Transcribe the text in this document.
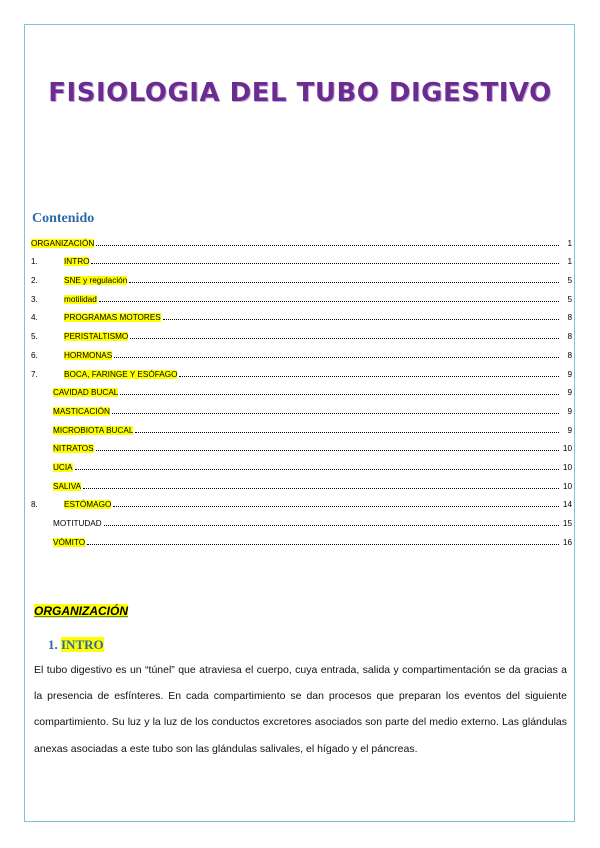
FISIOLOGIA DEL TUBO DIGESTIVO
Contenido
ORGANIZACIÓN	1
1.	INTRO	1
2.	SNE y regulación	5
3.	motilidad	5
4.	PROGRAMAS MOTORES	8
5.	PERISTALTISMO	8
6.	HORMONAS	8
7.	BOCA, FARINGE Y ESÓFAGO	9
CAVIDAD BUCAL	9
MASTICACIÓN	9
MICROBIOTA BUCAL	9
NITRATOS	10
UCIA	10
SALIVA	10
8.	ESTÓMAGO	14
MOTITUDAD	15
VÓMITO	16
ORGANIZACIÓN
1. INTRO
El tubo digestivo es un “túnel” que atraviesa el cuerpo, cuya entrada, salida y compartimentación se da gracias a la presencia de esfínteres. En cada compartimiento se dan procesos que preparan los eventos del siguiente compartimiento. Su luz y la luz de los conductos excretores asociados son parte del medio externo. Las glándulas anexas asociadas a este tubo son las glándulas salivales, el hígado y el páncreas.
